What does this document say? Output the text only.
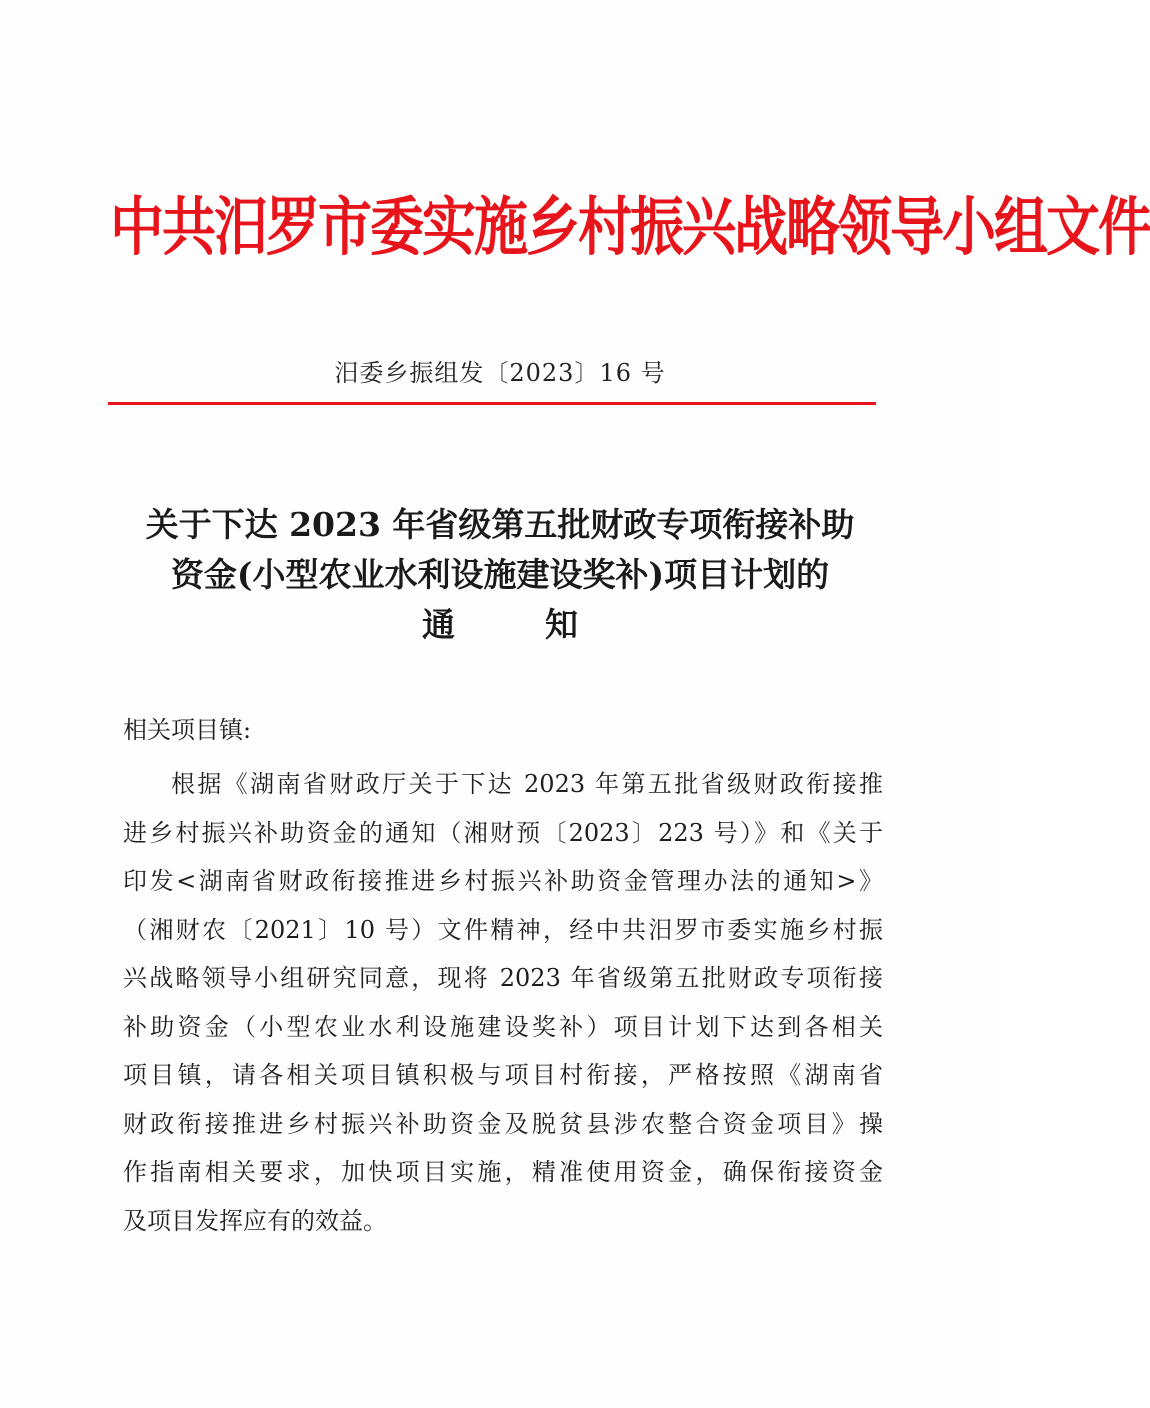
中共汨罗市委实施乡村振兴战略领导小组文件
汨委乡振组发〔2023〕16 号
关于下达 2023 年省级第五批财政专项衔接补助
资金(小型农业水利设施建设奖补)项目计划的
通知
相关项目镇:
根据《湖南省财政厅关于下达 2023 年第五批省级财政衔接推
进乡村振兴补助资金的通知（湘财预〔2023〕223 号）》和《关于
印发<湖南省财政衔接推进乡村振兴补助资金管理办法的通知>》
（湘财农〔2021〕10 号）文件精神，经中共汨罗市委实施乡村振
兴战略领导小组研究同意，现将 2023 年省级第五批财政专项衔接
补助资金（小型农业水利设施建设奖补）项目计划下达到各相关
项目镇，请各相关项目镇积极与项目村衔接，严格按照《湖南省
财政衔接推进乡村振兴补助资金及脱贫县涉农整合资金项目》操
作指南相关要求，加快项目实施，精准使用资金，确保衔接资金
及项目发挥应有的效益。
